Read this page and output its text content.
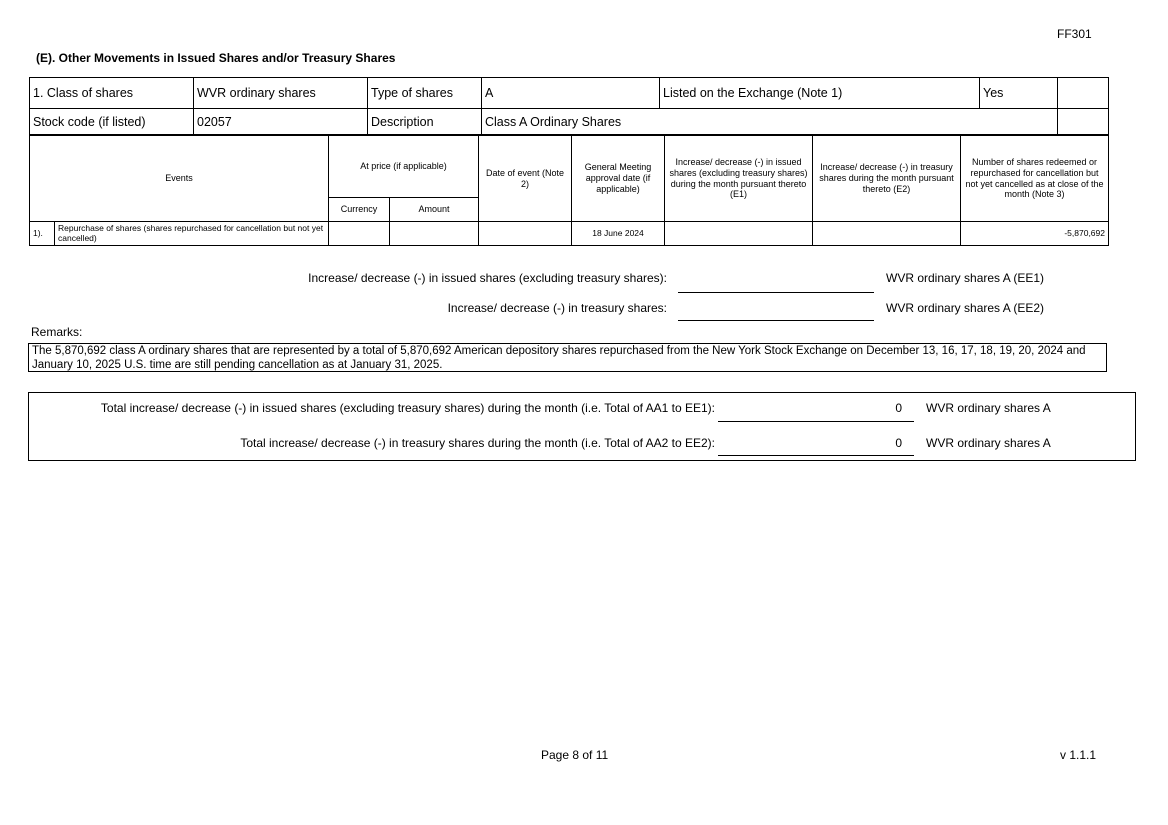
FF301
(E). Other Movements in Issued Shares and/or Treasury Shares
1. Class of shares	WVR ordinary shares	Type of shares	A	Listed on the Exchange (Note 1)	Yes	
Stock code (if listed)	02057	Description	Class A Ordinary Shares			
Events		At price (if applicable)		Date of event (Note 2)	General Meeting approval date (if applicable)	Increase/ decrease (-) in issued shares (excluding treasury shares) during the month pursuant thereto (E1)	Increase/ decrease (-) in treasury shares during the month pursuant thereto (E2)	Number of shares redeemed or repurchased for cancellation but not yet cancelled as at close of the month (Note 3)
		Currency	Amount					
1).	Repurchase of shares (shares repurchased for cancellation but not yet cancelled)				18 June 2024			-5,870,692
Increase/ decrease (-) in issued shares (excluding treasury shares):	WVR ordinary shares A (EE1)
Increase/ decrease (-) in treasury shares:	WVR ordinary shares A (EE2)
Remarks:
The 5,870,692 class A ordinary shares that are represented by a total of 5,870,692 American depository shares repurchased from the New York Stock Exchange on December 13, 16, 17, 18, 19, 20, 2024 and January 10, 2025 U.S. time are still pending cancellation as at January 31, 2025.
Total increase/ decrease (-) in issued shares (excluding treasury shares) during the month (i.e. Total of AA1 to EE1):	0 WVR ordinary shares A
Total increase/ decrease (-) in treasury shares during the month (i.e. Total of AA2 to EE2):	0 WVR ordinary shares A
Page 8 of 11	v 1.1.1
